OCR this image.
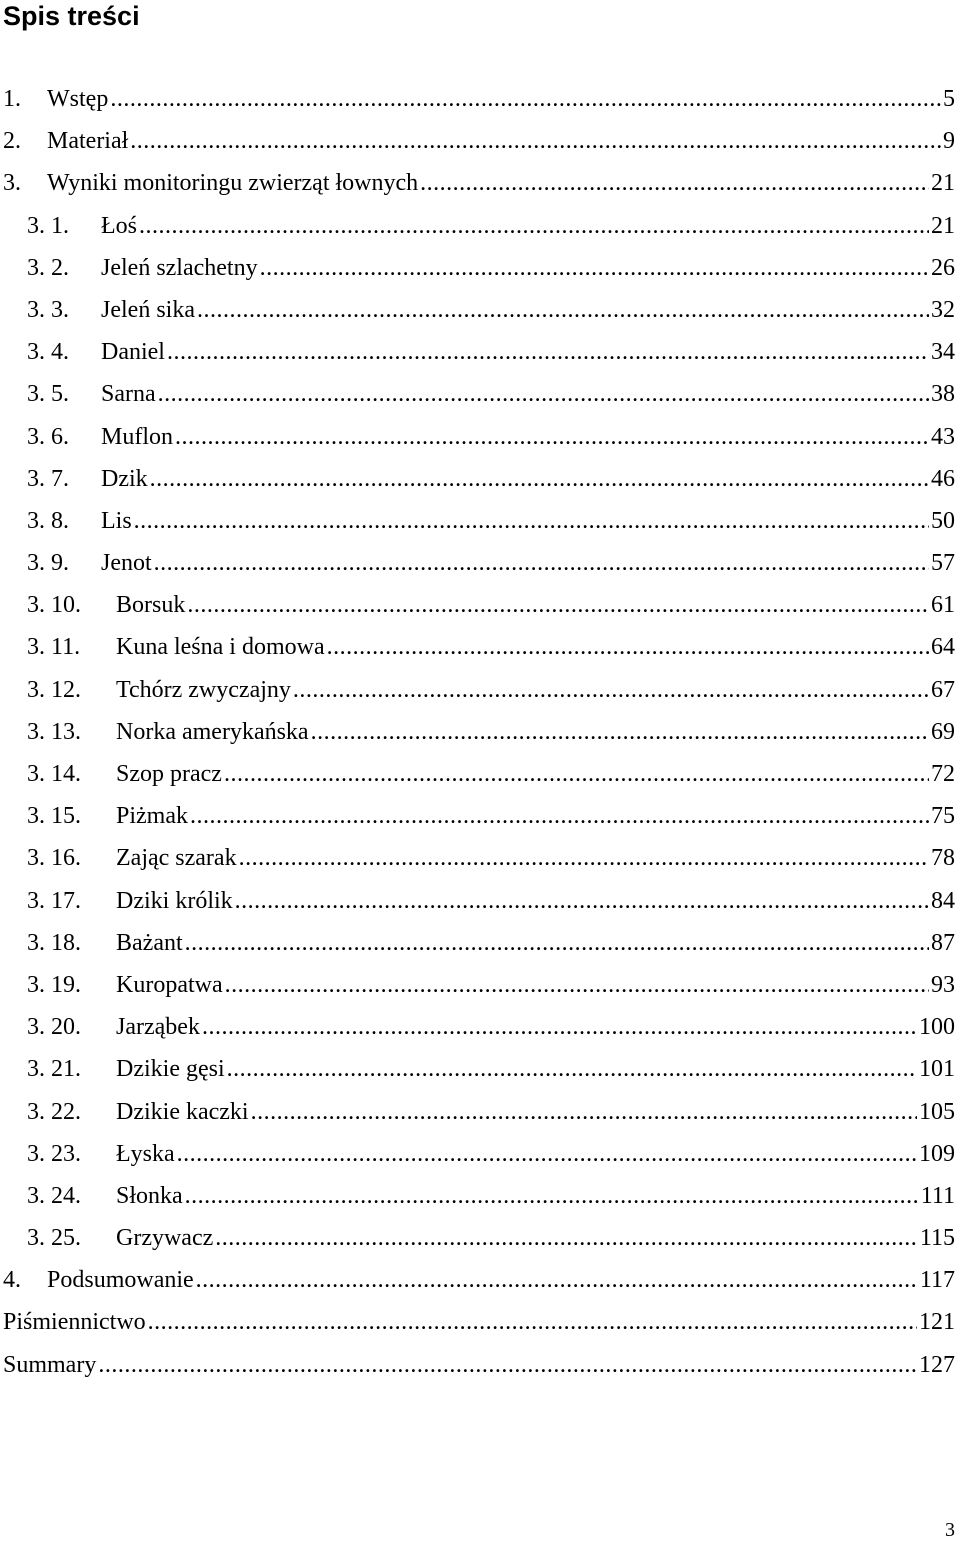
Spis treści
1. Wstęp .....	5
2. Materiał .....	9
3. Wyniki monitoringu zwierząt łownych .....	21
3. 1. Łoś .....	21
3. 2. Jeleń szlachetny .....	26
3. 3. Jeleń sika .....	32
3. 4. Daniel .....	34
3. 5. Sarna .....	38
3. 6. Muflon .....	43
3. 7. Dzik .....	46
3. 8. Lis .....	50
3. 9. Jenot .....	57
3. 10. Borsuk .....	61
3. 11. Kuna leśna i domowa .....	64
3. 12. Tchórz zwyczajny .....	67
3. 13. Norka amerykańska .....	69
3. 14. Szop pracz .....	72
3. 15. Piżmak .....	75
3. 16. Zając szarak .....	78
3. 17. Dziki królik .....	84
3. 18. Bażant .....	87
3. 19. Kuropatwa .....	93
3. 20. Jarząbek .....	100
3. 21. Dzikie gęsi .....	101
3. 22. Dzikie kaczki .....	105
3. 23. Łyska .....	109
3. 24. Słonka .....	111
3. 25. Grzywacz .....	115
4. Podsumowanie .....	117
Piśmiennictwo .....	121
Summary .....	127
3
